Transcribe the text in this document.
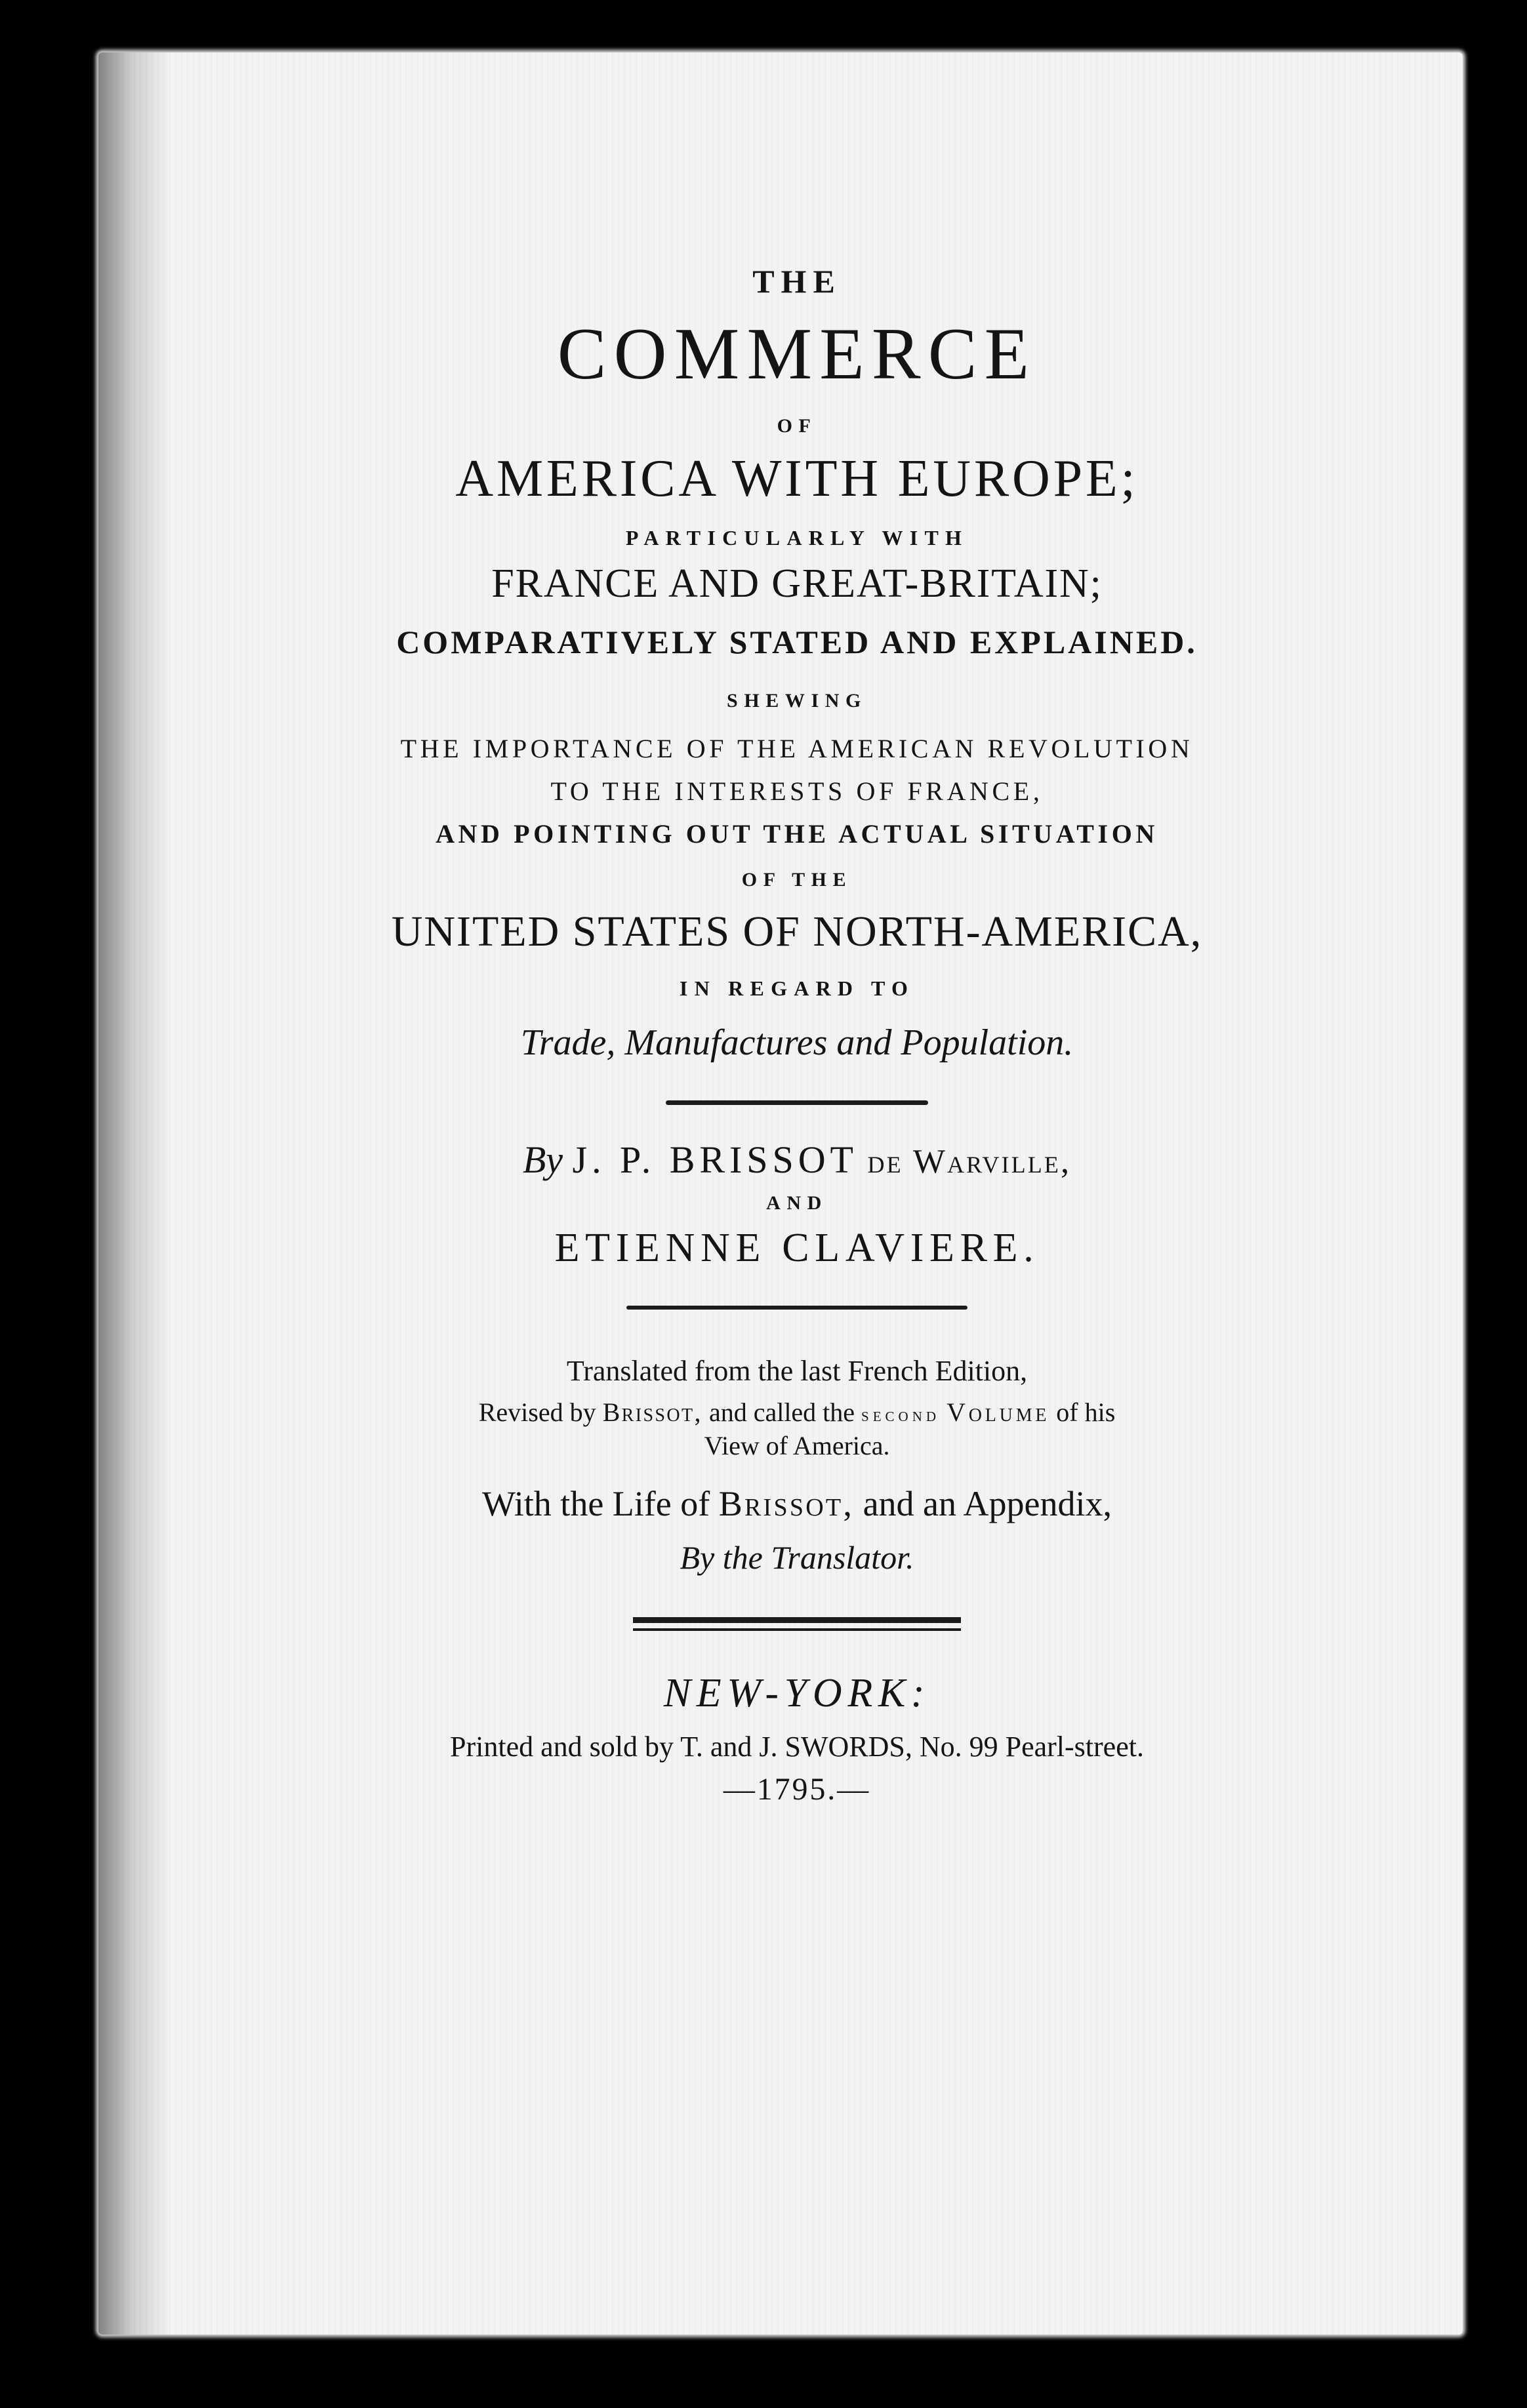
THE
COMMERCE
OF
AMERICA WITH EUROPE;
PARTICULARLY WITH
FRANCE AND GREAT-BRITAIN;
COMPARATIVELY STATED AND EXPLAINED.
SHEWING
THE IMPORTANCE OF THE AMERICAN REVOLUTION
TO THE INTERESTS OF FRANCE,
AND POINTING OUT THE ACTUAL SITUATION
OF THE
UNITED STATES OF NORTH-AMERICA,
IN REGARD TO
Trade, Manufactures and Population.
By J. P. BRISSOT de Warville,
AND
ETIENNE CLAVIERE.
Translated from the last French Edition,
Revised by Brissot, and called the second Volume of his
View of America.
With the Life of Brissot, and an Appendix,
By the Translator.
NEW-YORK:
Printed and sold by T. and J. SWORDS, No. 99 Pearl-street.
—1795.—
